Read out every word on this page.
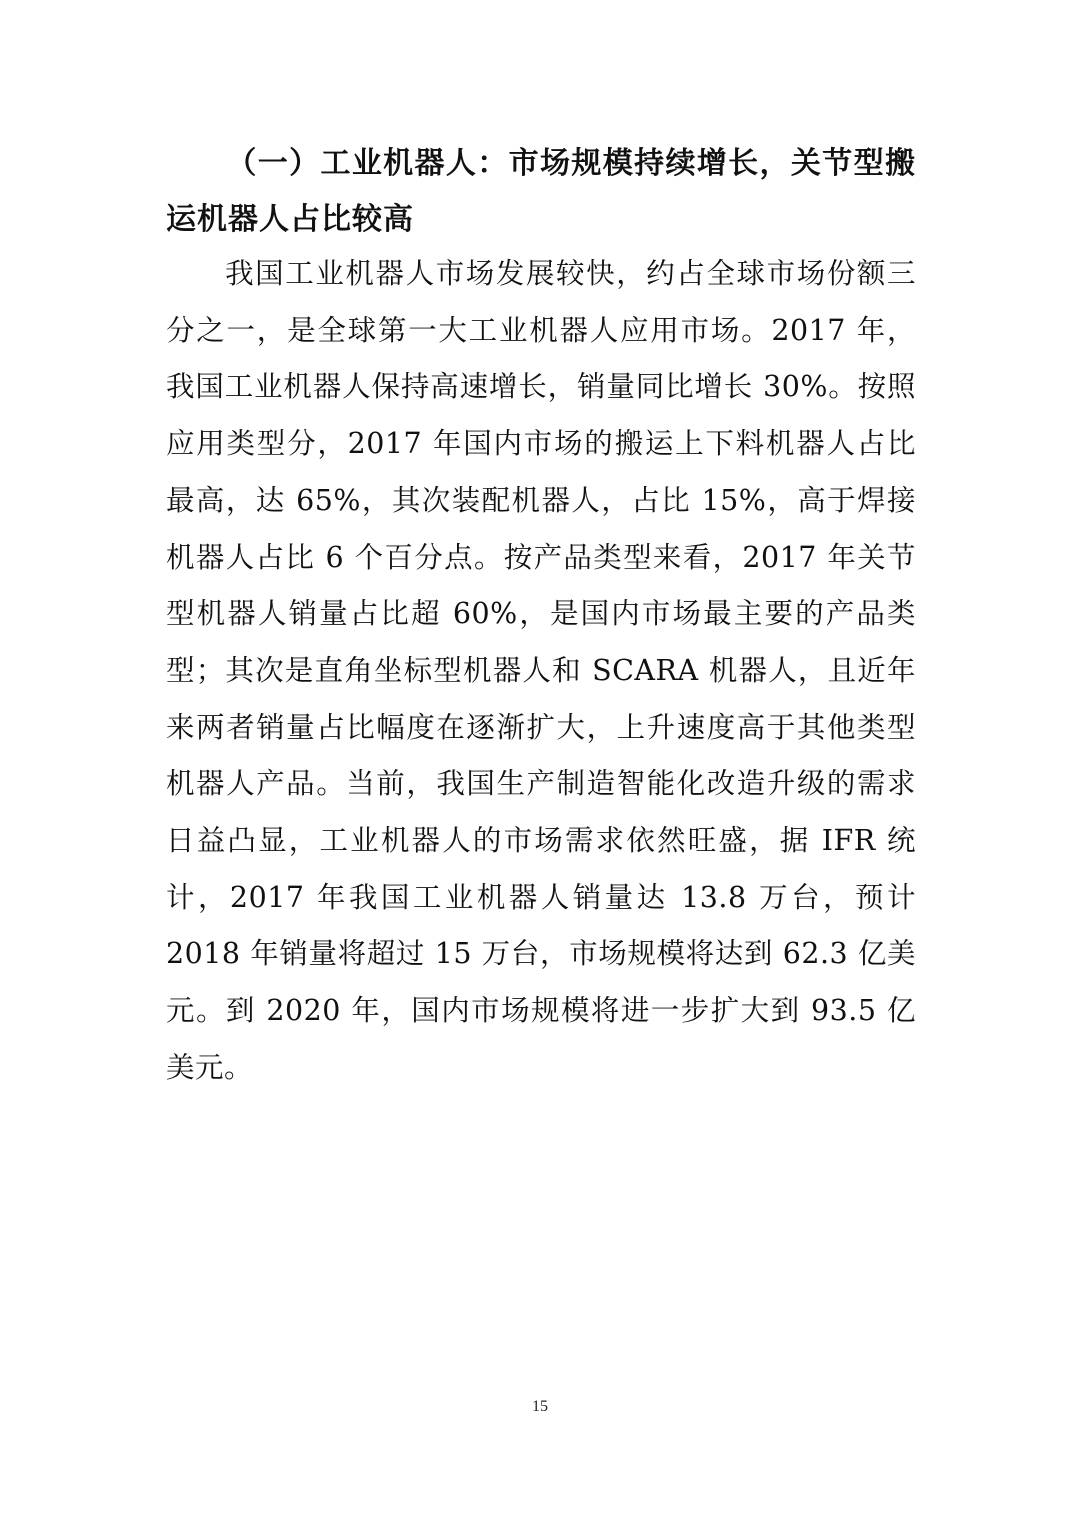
（一）工业机器人：市场规模持续增长，关节型搬运机器人占比较高
我国工业机器人市场发展较快，约占全球市场份额三分之一，是全球第一大工业机器人应用市场。2017 年，我国工业机器人保持高速增长，销量同比增长 30%。按照应用类型分，2017 年国内市场的搬运上下料机器人占比最高，达 65%，其次装配机器人，占比 15%，高于焊接机器人占比 6 个百分点。按产品类型来看，2017 年关节型机器人销量占比超 60%，是国内市场最主要的产品类型；其次是直角坐标型机器人和 SCARA 机器人，且近年来两者销量占比幅度在逐渐扩大，上升速度高于其他类型机器人产品。当前，我国生产制造智能化改造升级的需求日益凸显，工业机器人的市场需求依然旺盛，据 IFR 统计，2017 年我国工业机器人销量达 13.8 万台，预计 2018 年销量将超过 15 万台，市场规模将达到 62.3 亿美元。到 2020 年，国内市场规模将进一步扩大到 93.5 亿美元。
15
